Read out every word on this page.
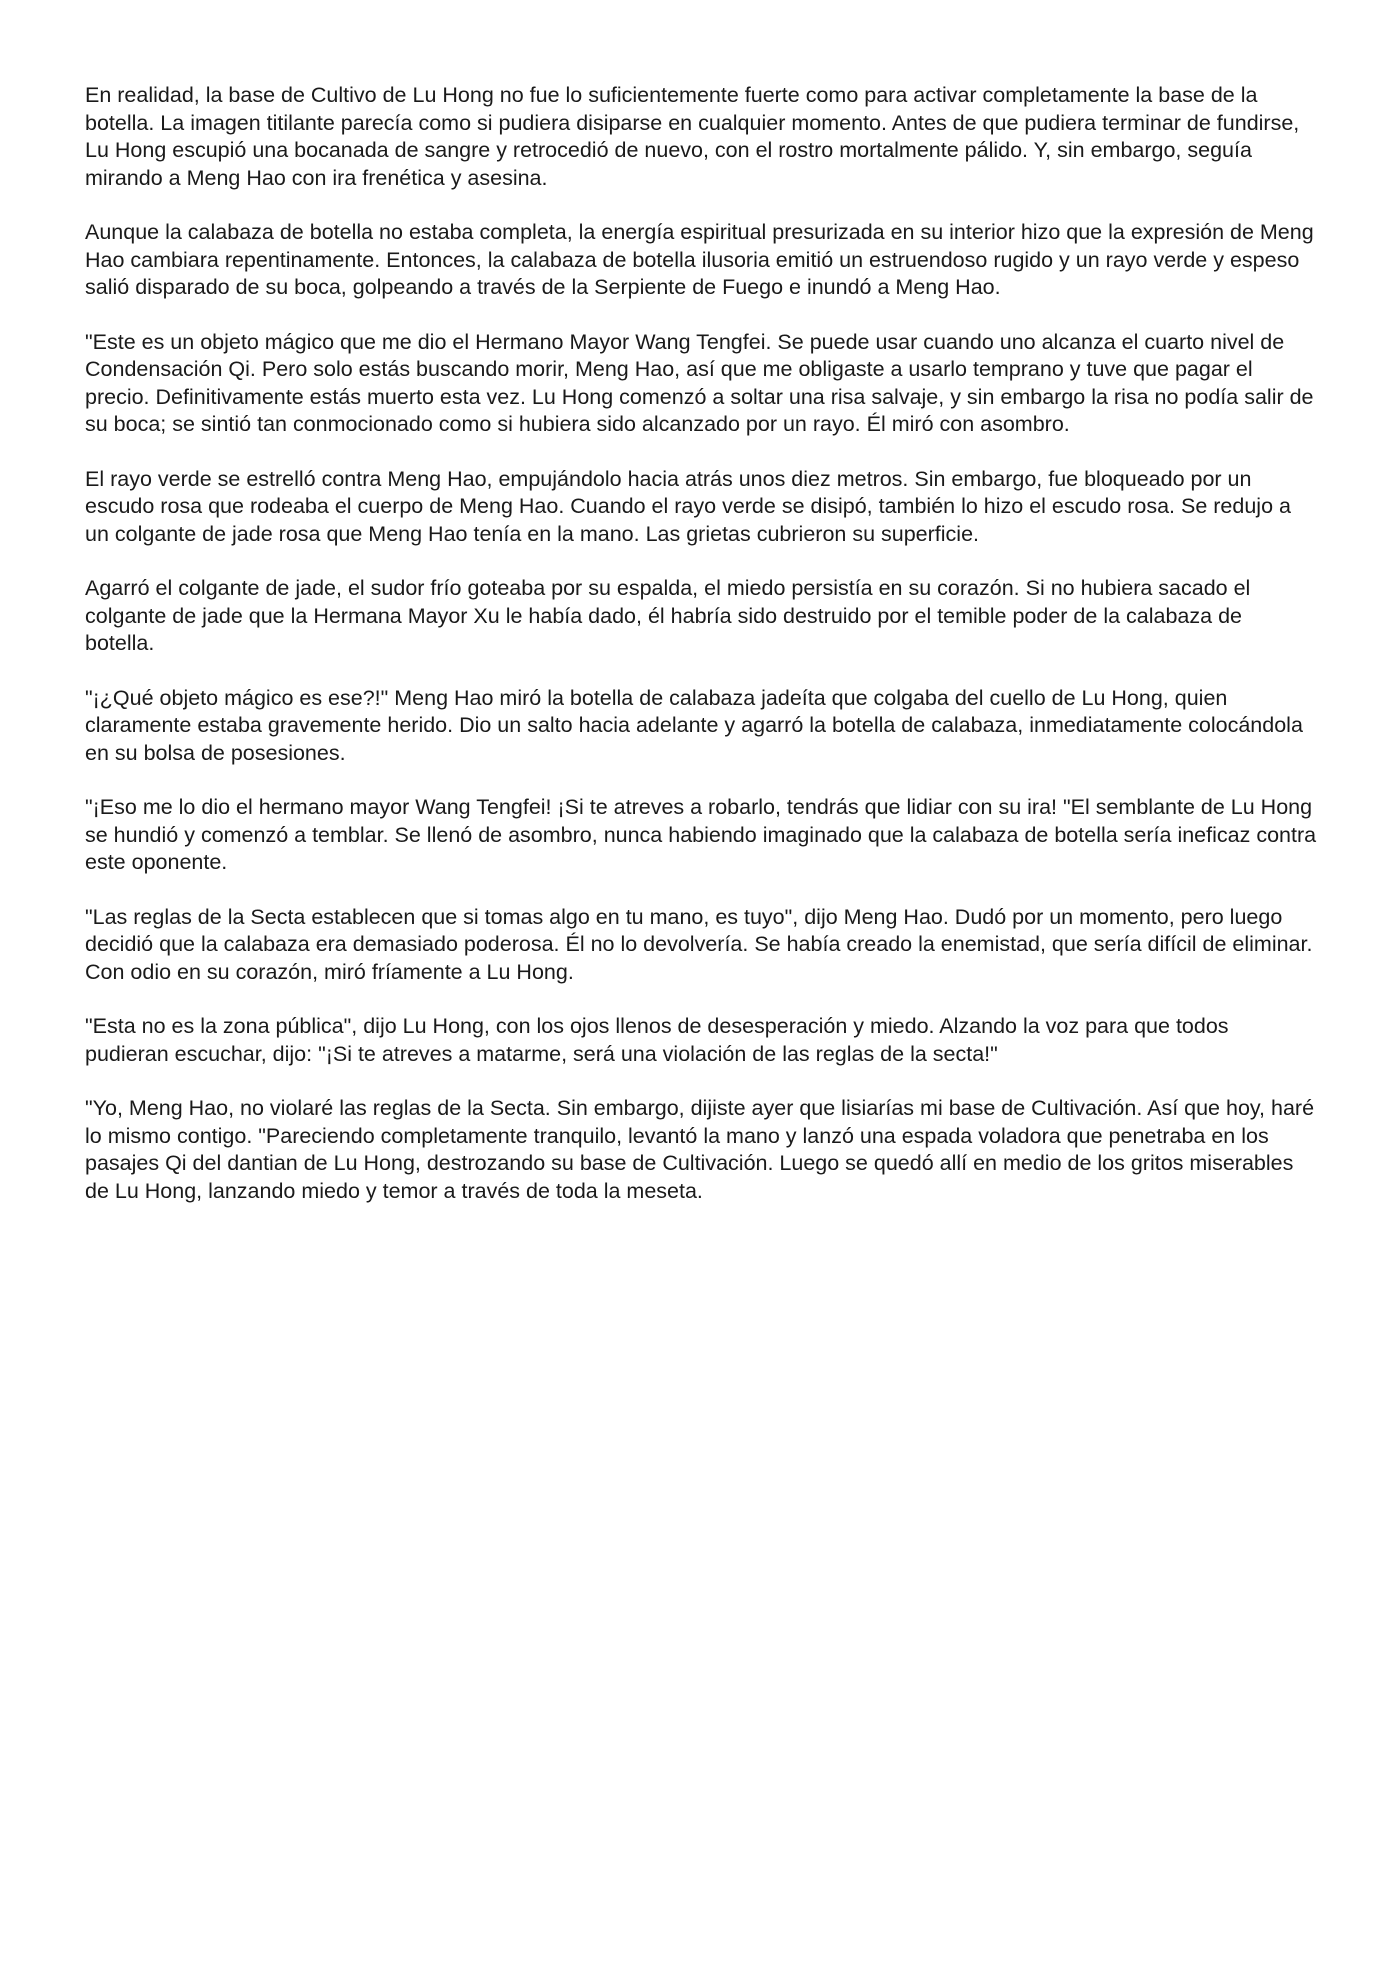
En realidad, la base de Cultivo de Lu Hong no fue lo suficientemente fuerte como para activar completamente la base de la botella. La imagen titilante parecía como si pudiera disiparse en cualquier momento. Antes de que pudiera terminar de fundirse, Lu Hong escupió una bocanada de sangre y retrocedió de nuevo, con el rostro mortalmente pálido. Y, sin embargo, seguía mirando a Meng Hao con ira frenética y asesina.

Aunque la calabaza de botella no estaba completa, la energía espiritual presurizada en su interior hizo que la expresión de Meng Hao cambiara repentinamente. Entonces, la calabaza de botella ilusoria emitió un estruendoso rugido y un rayo verde y espeso salió disparado de su boca, golpeando a través de la Serpiente de Fuego e inundó a Meng Hao.

"Este es un objeto mágico que me dio el Hermano Mayor Wang Tengfei. Se puede usar cuando uno alcanza el cuarto nivel de Condensación Qi. Pero solo estás buscando morir, Meng Hao, así que me obligaste a usarlo temprano y tuve que pagar el precio. Definitivamente estás muerto esta vez. Lu Hong comenzó a soltar una risa salvaje, y sin embargo la risa no podía salir de su boca; se sintió tan conmocionado como si hubiera sido alcanzado por un rayo. Él miró con asombro.

El rayo verde se estrelló contra Meng Hao, empujándolo hacia atrás unos diez metros. Sin embargo, fue bloqueado por un escudo rosa que rodeaba el cuerpo de Meng Hao. Cuando el rayo verde se disipó, también lo hizo el escudo rosa. Se redujo a un colgante de jade rosa que Meng Hao tenía en la mano. Las grietas cubrieron su superficie.

Agarró el colgante de jade, el sudor frío goteaba por su espalda, el miedo persistía en su corazón. Si no hubiera sacado el colgante de jade que la Hermana Mayor Xu le había dado, él habría sido destruido por el temible poder de la calabaza de botella.

"¡¿Qué objeto mágico es ese?!" Meng Hao miró la botella de calabaza jadeíta que colgaba del cuello de Lu Hong, quien claramente estaba gravemente herido. Dio un salto hacia adelante y agarró la botella de calabaza, inmediatamente colocándola en su bolsa de posesiones.

"¡Eso me lo dio el hermano mayor Wang Tengfei! ¡Si te atreves a robarlo, tendrás que lidiar con su ira! "El semblante de Lu Hong se hundió y comenzó a temblar. Se llenó de asombro, nunca habiendo imaginado que la calabaza de botella sería ineficaz contra este oponente.

"Las reglas de la Secta establecen que si tomas algo en tu mano, es tuyo", dijo Meng Hao. Dudó por un momento, pero luego decidió que la calabaza era demasiado poderosa. Él no lo devolvería. Se había creado la enemistad, que sería difícil de eliminar. Con odio en su corazón, miró fríamente a Lu Hong.

"Esta no es la zona pública", dijo Lu Hong, con los ojos llenos de desesperación y miedo. Alzando la voz para que todos pudieran escuchar, dijo: "¡Si te atreves a matarme, será una violación de las reglas de la secta!"

"Yo, Meng Hao, no violaré las reglas de la Secta. Sin embargo, dijiste ayer que lisiarías mi base de Cultivación. Así que hoy, haré lo mismo contigo. "Pareciendo completamente tranquilo, levantó la mano y lanzó una espada voladora que penetraba en los pasajes Qi del dantian de Lu Hong, destrozando su base de Cultivación. Luego se quedó allí en medio de los gritos miserables de Lu Hong, lanzando miedo y temor a través de toda la meseta.
